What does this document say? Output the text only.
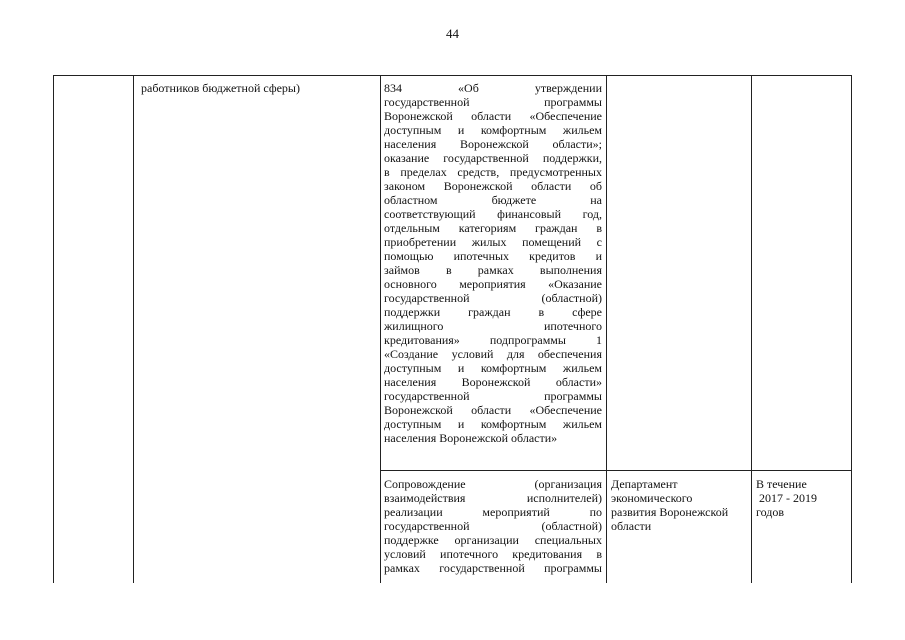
44
работников бюджетной сферы)	834 «Об утверждении
государственной программы
Воронежской области «Обеспечение
доступным и комфортным жильем
населения Воронежской области»;
оказание государственной поддержки,
в пределах средств, предусмотренных
законом Воронежской области об
областном бюджете на
соответствующий финансовый год,
отдельным категориям граждан в
приобретении жилых помещений с
помощью ипотечных кредитов и
займов в рамках выполнения
основного мероприятия «Оказание
государственной (областной)
поддержки граждан в сфере
жилищного ипотечного
кредитования» подпрограммы 1
«Создание условий для обеспечения
доступным и комфортным жильем
населения Воронежской области»
государственной программы
Воронежской области «Обеспечение
доступным и комфортным жильем
населения Воронежской области»
Сопровождение (организация
взаимодействия исполнителей)
реализации мероприятий по
государственной (областной)
поддержке организации специальных
условий ипотечного кредитования в
рамках государственной программы
Департамент
экономического
развития Воронежской
области
В течение
2017 - 2019
годов
